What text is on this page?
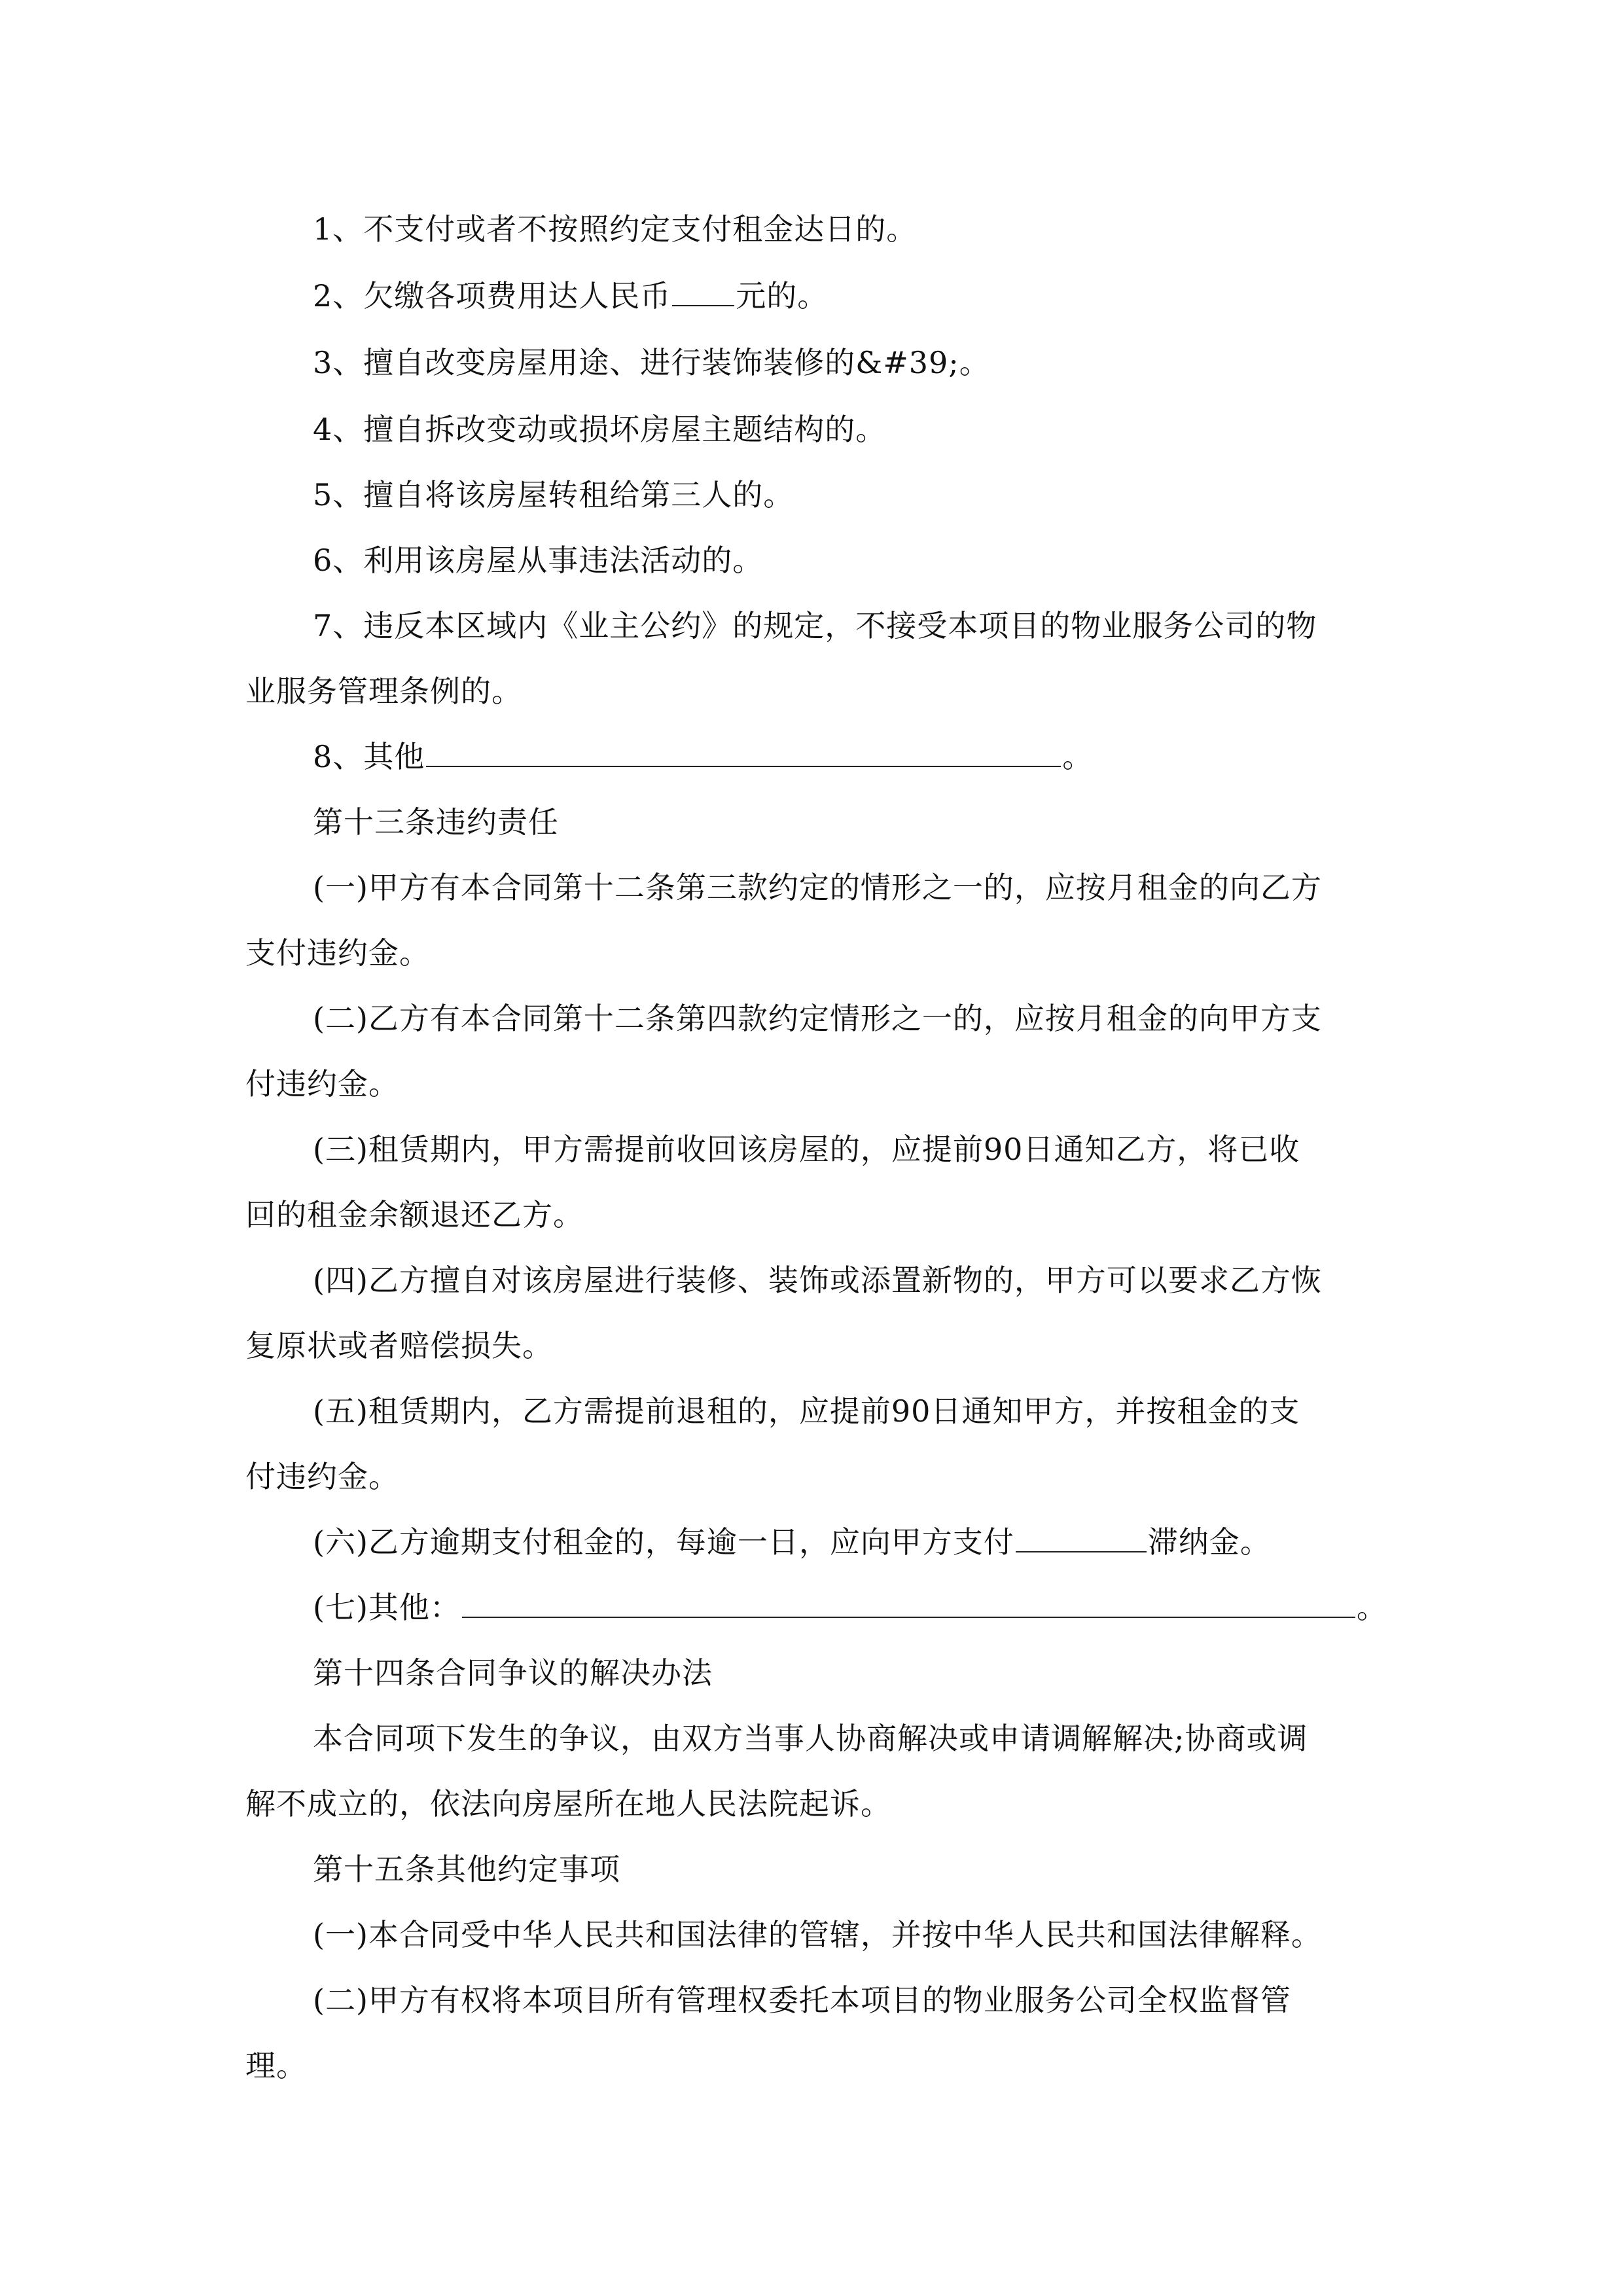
1、不支付或者不按照约定支付租金达日的。
2、欠缴各项费用达人民币 元的。
3、擅自改变房屋用途、进行装饰装修的&#39;。
4、擅自拆改变动或损坏房屋主题结构的。
5、擅自将该房屋转租给第三人的。
6、利用该房屋从事违法活动的。
7、违反本区域内《业主公约》的规定，不接受本项目的物业服务公司的物
业服务管理条例的。
8、其他	。
第十三条违约责任
(一)甲方有本合同第十二条第三款约定的情形之一的，应按月租金的向乙方
支付违约金。
(二)乙方有本合同第十二条第四款约定情形之一的，应按月租金的向甲方支
付违约金。
(三)租赁期内，甲方需提前收回该房屋的，应提前90日通知乙方，将已收
回的租金余额退还乙方。
(四)乙方擅自对该房屋进行装修、装饰或添置新物的，甲方可以要求乙方恢
复原状或者赔偿损失。
(五)租赁期内，乙方需提前退租的，应提前90日通知甲方，并按租金的支
付违约金。
(六)乙方逾期支付租金的，每逾一日，应向甲方支付	滞纳金。
(七)其他：	。
第十四条合同争议的解决办法
本合同项下发生的争议，由双方当事人协商解决或申请调解解决;协商或调
解不成立的，依法向房屋所在地人民法院起诉。
第十五条其他约定事项
(一)本合同受中华人民共和国法律的管辖，并按中华人民共和国法律解释。
(二)甲方有权将本项目所有管理权委托本项目的物业服务公司全权监督管
理。
